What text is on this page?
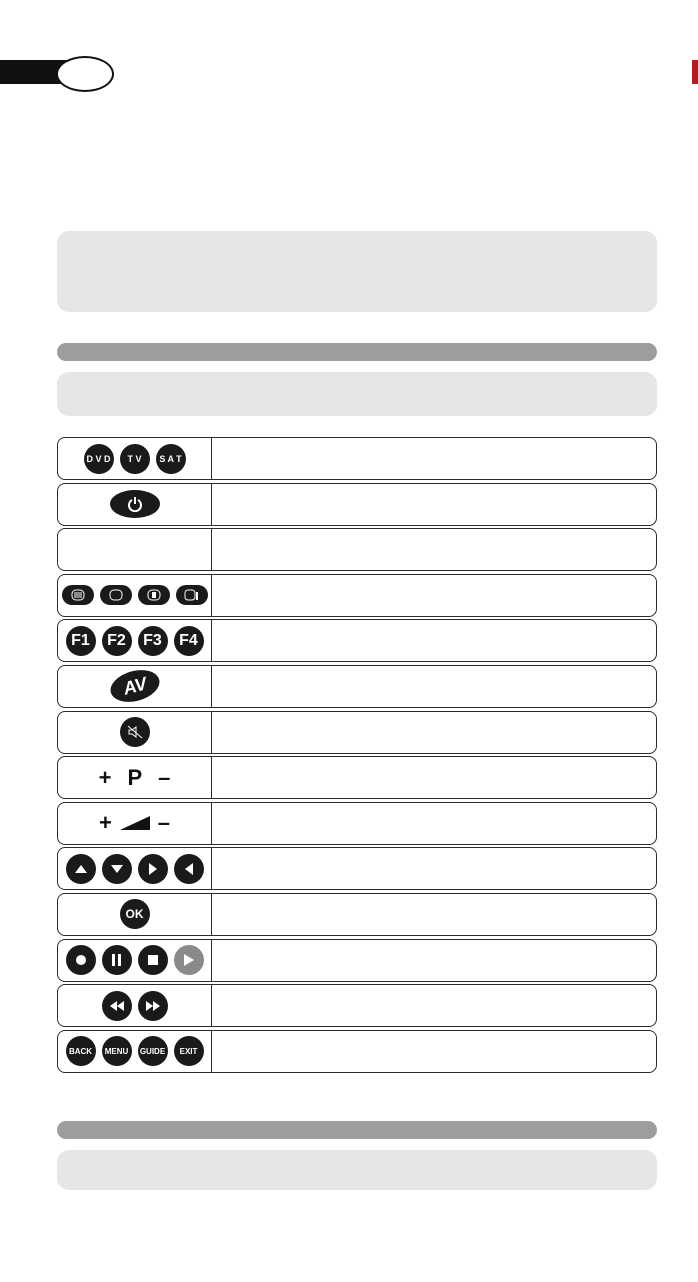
D V D	T V	S A T
F1	F2	F3	F4
AV
+ P –
+ –
OK
BACK	MENU	GUIDE	EXIT
